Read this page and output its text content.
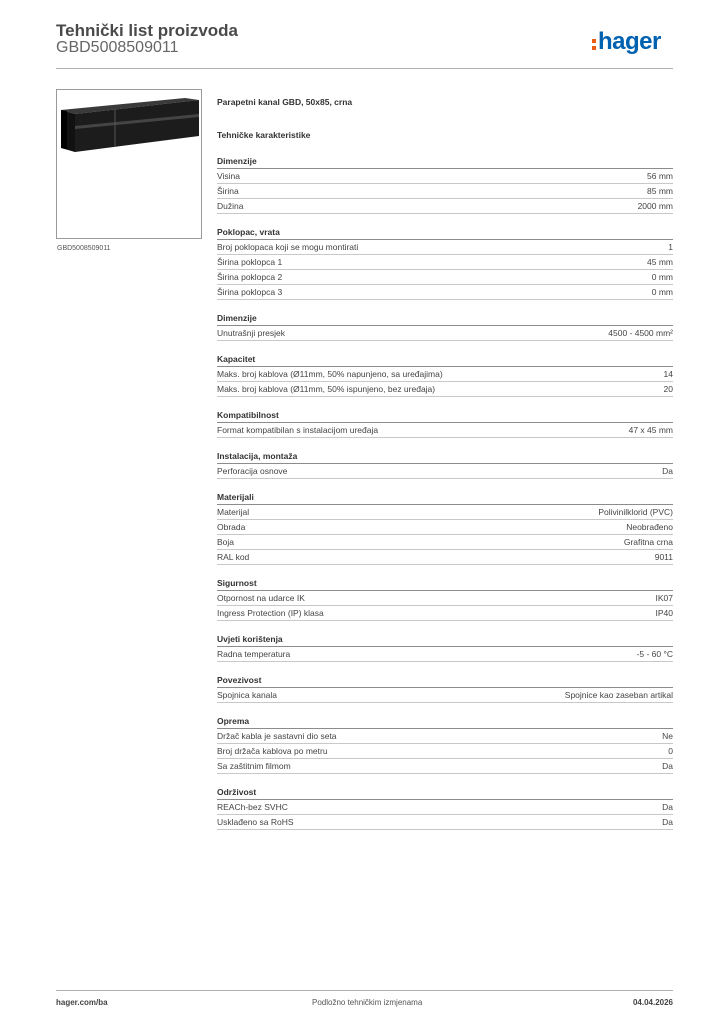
Tehnički list proizvoda
GBD5008509011	hager
GBD5008509011
Parapetni kanal GBD, 50x85, crna
Tehničke karakteristike
Dimenzije
Visina	56 mm
Širina	85 mm
Dužina	2000 mm
Poklopac, vrata
Broj poklopaca koji se mogu montirati	1
Širina poklopca 1	45 mm
Širina poklopca 2	0 mm
Širina poklopca 3	0 mm
Dimenzije
Unutrašnji presjek	4500 - 4500 mm²
Kapacitet
Maks. broj kablova (Ø11mm, 50% napunjeno, sa uređajima)	14
Maks. broj kablova (Ø11mm, 50% ispunjeno, bez uređaja)	20
Kompatibilnost
Format kompatibilan s instalacijom uređaja	47 x 45 mm
Instalacija, montaža
Perforacija osnove	Da
Materijali
Materijal	Polivinilklorid (PVC)
Obrada	Neobrađeno
Boja	Grafitna crna
RAL kod	9011
Sigurnost
Otpornost na udarce IK	IK07
Ingress Protection (IP) klasa	IP40
Uvjeti korištenja
Radna temperatura	-5 - 60 °C
Povezivost
Spojnica kanala	Spojnice kao zaseban artikal
Oprema
Držač kabla je sastavni dio seta	Ne
Broj držača kablova po metru	0
Sa zaštitnim filmom	Da
Održivost
REACh-bez SVHC	Da
Usklađeno sa RoHS	Da
hager.com/ba	Podložno tehničkim izmjenama	04.04.2026
